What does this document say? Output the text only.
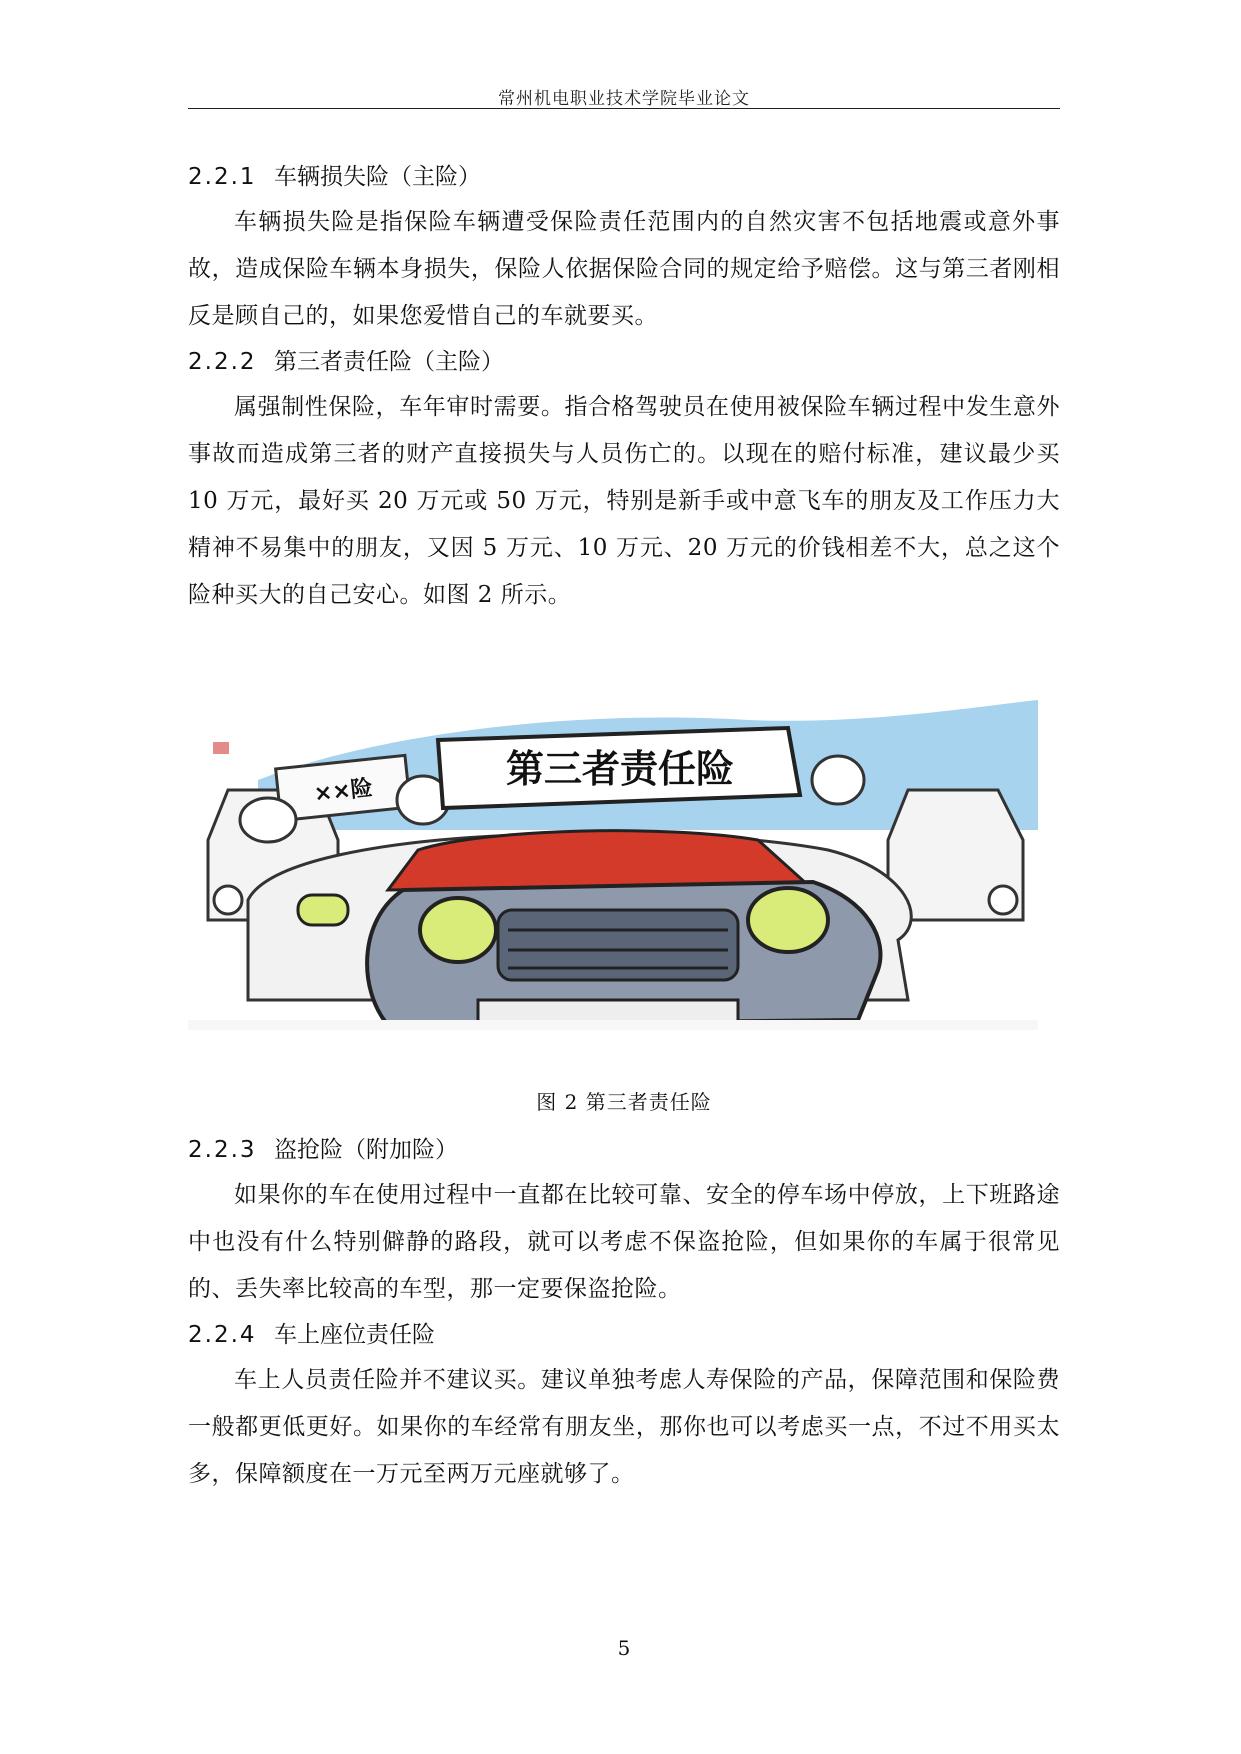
常州机电职业技术学院毕业论文
2.2.1 车辆损失险（主险）

车辆损失险是指保险车辆遭受保险责任范围内的自然灾害不包括地震或意外事故，造成保险车辆本身损失，保险人依据保险合同的规定给予赔偿。这与第三者刚相反是顾自己的，如果您爱惜自己的车就要买。

2.2.2 第三者责任险（主险）

属强制性保险，车年审时需要。指合格驾驶员在使用被保险车辆过程中发生意外事故而造成第三者的财产直接损失与人员伤亡的。以现在的赔付标准，建议最少买 10 万元，最好买 20 万元或 50 万元，特别是新手或中意飞车的朋友及工作压力大精神不易集中的朋友，又因 5 万元、10 万元、20 万元的价钱相差不大，总之这个险种买大的自己安心。如图 2 所示。

××险
第三者责任险
图 2 第三者责任险
2.2.3 盗抢险（附加险）

如果你的车在使用过程中一直都在比较可靠、安全的停车场中停放，上下班路途中也没有什么特别僻静的路段，就可以考虑不保盗抢险，但如果你的车属于很常见的、丢失率比较高的车型，那一定要保盗抢险。

2.2.4 车上座位责任险

车上人员责任险并不建议买。建议单独考虑人寿保险的产品，保障范围和保险费一般都更低更好。如果你的车经常有朋友坐，那你也可以考虑买一点，不过不用买太多，保障额度在一万元至两万元座就够了。

5
